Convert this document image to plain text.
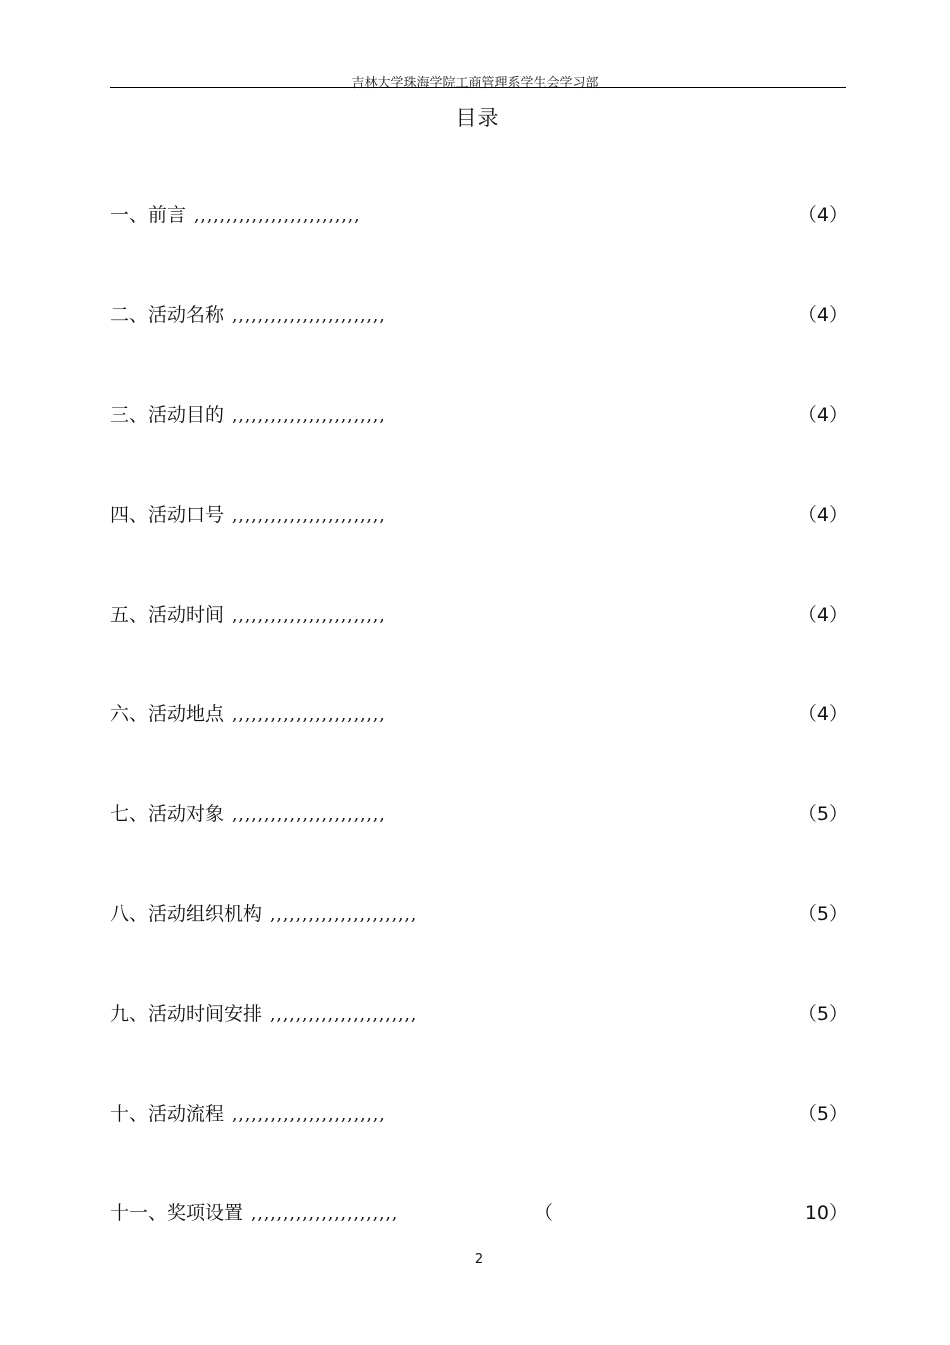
吉林大学珠海学院工商管理系学生会学习部
目录
一、前言 ,,,,,,,,,,,,,,,,,,,,,,,,,,	（4）
二、活动名称 ,,,,,,,,,,,,,,,,,,,,,,,,	（4）
三、活动目的 ,,,,,,,,,,,,,,,,,,,,,,,,	（4）
四、活动口号 ,,,,,,,,,,,,,,,,,,,,,,,,	（4）
五、活动时间 ,,,,,,,,,,,,,,,,,,,,,,,,	（4）
六、活动地点 ,,,,,,,,,,,,,,,,,,,,,,,,	（4）
七、活动对象 ,,,,,,,,,,,,,,,,,,,,,,,,	（5）
八、活动组织机构 ,,,,,,,,,,,,,,,,,,,,,,,	（5）
九、活动时间安排 ,,,,,,,,,,,,,,,,,,,,,,,	（5）
十、活动流程 ,,,,,,,,,,,,,,,,,,,,,,,,	（5）
十一、奖项设置 ,,,,,,,,,,,,,,,,,,,,,,,	（	10）
2
